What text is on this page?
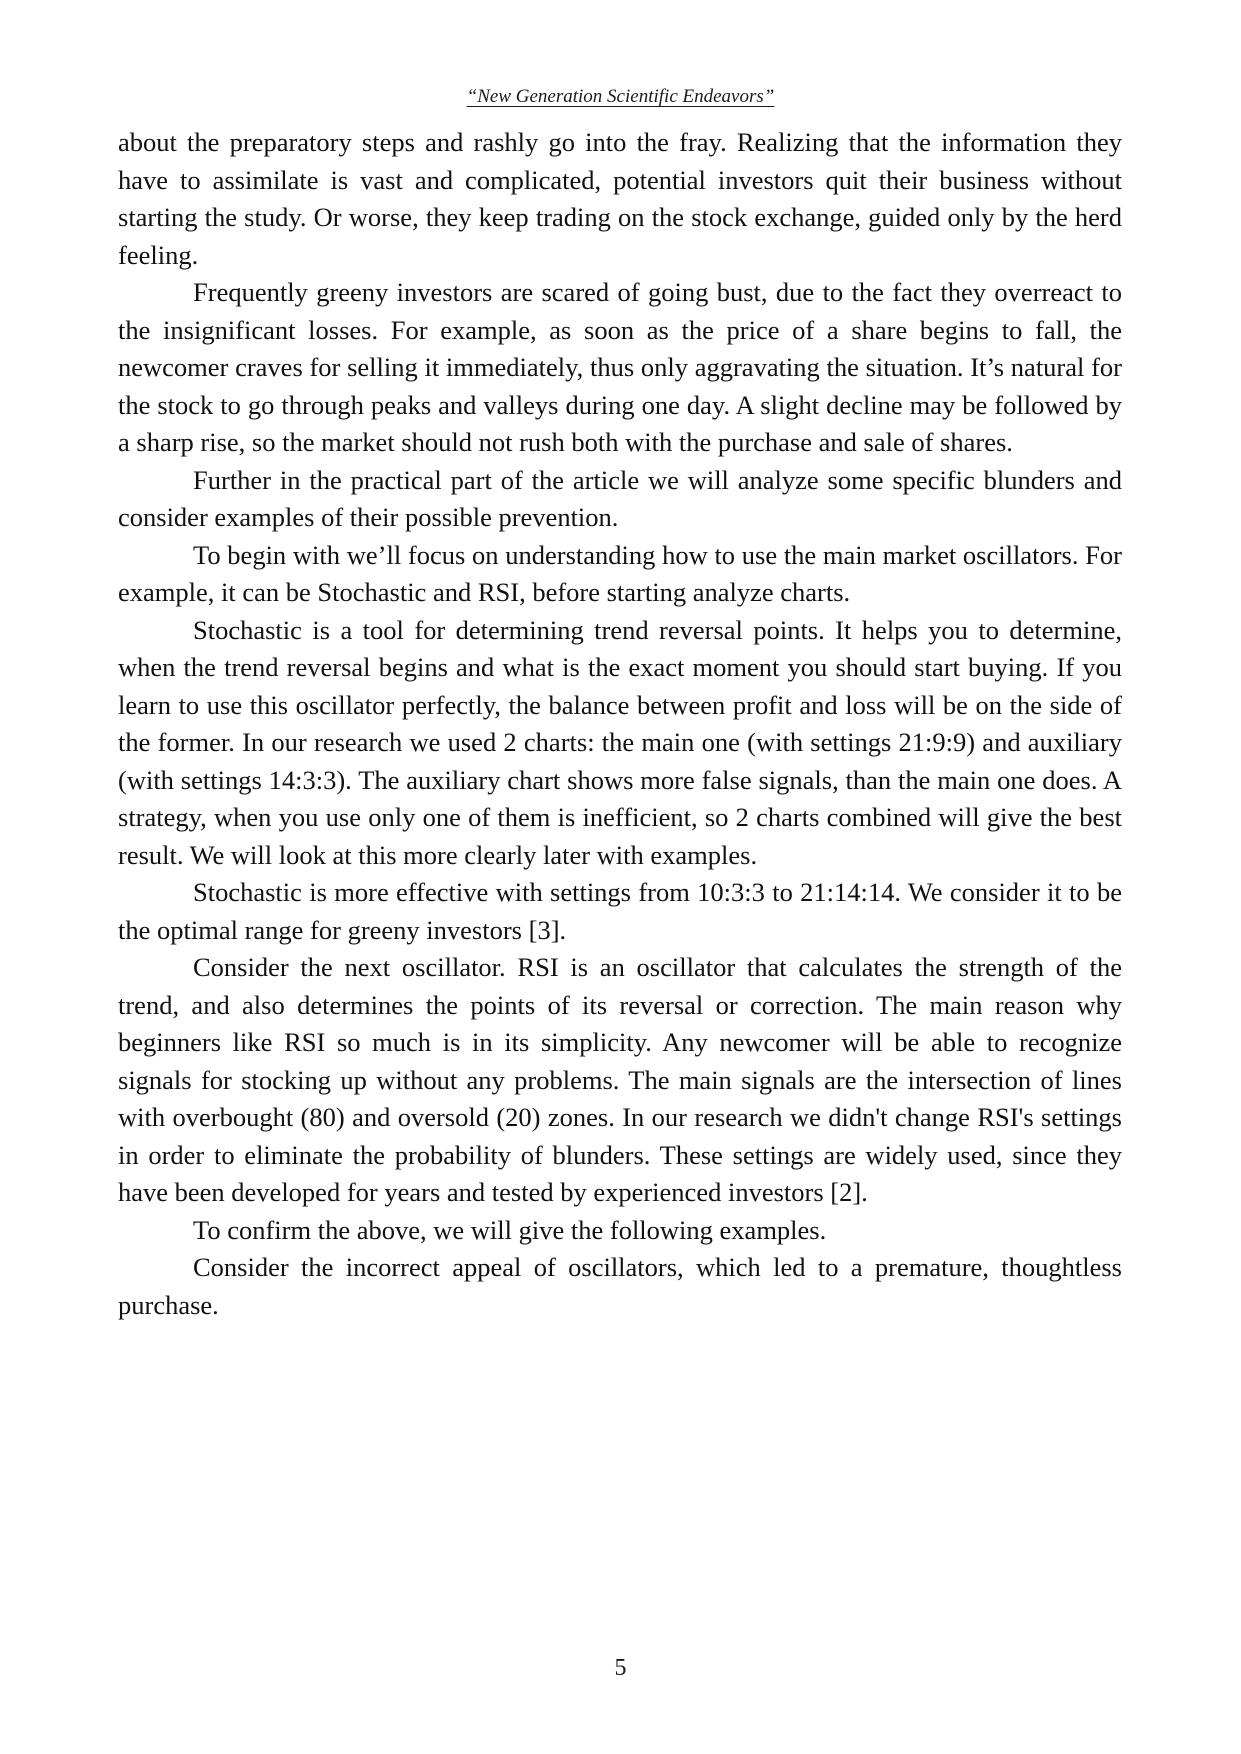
“New Generation Scientific Endeavors”

about the preparatory steps and rashly go into the fray. Realizing that the information they have to assimilate is vast and complicated, potential investors quit their business without starting the study. Or worse, they keep trading on the stock exchange, guided only by the herd feeling.

Frequently greeny investors are scared of going bust, due to the fact they overreact to the insignificant losses. For example, as soon as the price of a share begins to fall, the newcomer craves for selling it immediately, thus only aggravating the situation. It’s natural for the stock to go through peaks and valleys during one day. A slight decline may be followed by a sharp rise, so the market should not rush both with the purchase and sale of shares.

Further in the practical part of the article we will analyze some specific blunders and consider examples of their possible prevention.

To begin with we’ll focus on understanding how to use the main market oscillators. For example, it can be Stochastic and RSI, before starting analyze charts.

Stochastic is a tool for determining trend reversal points. It helps you to determine, when the trend reversal begins and what is the exact moment you should start buying. If you learn to use this oscillator perfectly, the balance between profit and loss will be on the side of the former. In our research we used 2 charts: the main one (with settings 21:9:9) and auxiliary (with settings 14:3:3). The auxiliary chart shows more false signals, than the main one does. A strategy, when you use only one of them is inefficient, so 2 charts combined will give the best result. We will look at this more clearly later with examples.

Stochastic is more effective with settings from 10:3:3 to 21:14:14. We consider it to be the optimal range for greeny investors [3].

Consider the next oscillator. RSI is an oscillator that calculates the strength of the trend, and also determines the points of its reversal or correction. The main reason why beginners like RSI so much is in its simplicity. Any newcomer will be able to recognize signals for stocking up without any problems. The main signals are the intersection of lines with overbought (80) and oversold (20) zones. In our research we didn't change RSI's settings in order to eliminate the probability of blunders. These settings are widely used, since they have been developed for years and tested by experienced investors [2].

To confirm the above, we will give the following examples.

Consider the incorrect appeal of oscillators, which led to a premature, thoughtless purchase.

5
